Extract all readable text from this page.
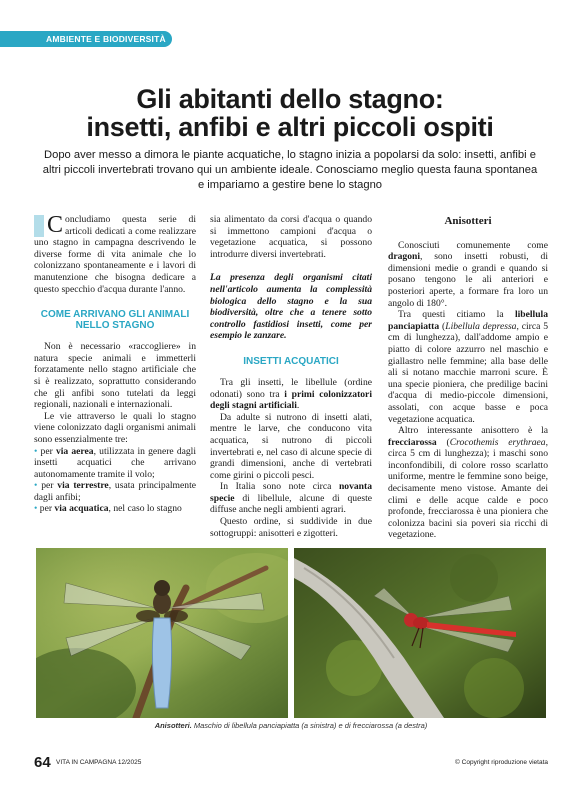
AMBIENTE E BIODIVERSITÀ
Gli abitanti dello stagno:
insetti, anfibi e altri piccoli ospiti

Dopo aver messo a dimora le piante acquatiche, lo stagno inizia a popolarsi da solo: insetti, anfibi e altri piccoli invertebrati trovano qui un ambiente ideale. Conosciamo meglio questa fauna spontanea e impariamo a gestire bene lo stagno

Concludiamo questa serie di articoli dedicati a come realizzare uno stagno in campagna descrivendo le diverse forme di vita animale che lo colonizzano spontaneamente e i lavori di manutenzione che bisogna dedicare a questo specchio d'acqua durante l'anno.

COME ARRIVANO GLI ANIMALI NELLO STAGNO

Non è necessario «raccogliere» in natura specie animali e immetterli forzatamente nello stagno artificiale che si è realizzato, soprattutto considerando che gli anfibi sono tutelati da leggi regionali, nazionali e internazionali.

Le vie attraverso le quali lo stagno viene colonizzato dagli organismi animali sono essenzialmente tre:

• per via aerea, utilizzata in genere dagli insetti acquatici che arrivano autonomamente tramite il volo;

• per via terrestre, usata principalmente dagli anfibi;

• per via acquatica, nel caso lo stagno

sia alimentato da corsi d'acqua o quando si immettono campioni d'acqua o vegetazione acquatica, si possono introdurre diversi invertebrati.

La presenza degli organismi citati nell'articolo aumenta la complessità biologica dello stagno e la sua biodiversità, oltre che a tenere sotto controllo fastidiosi insetti, come per esempio le zanzare.

INSETTI ACQUATICI

Tra gli insetti, le libellule (ordine odonati) sono tra i primi colonizzatori degli stagni artificiali.

Da adulte si nutrono di insetti alati, mentre le larve, che conducono vita acquatica, si nutrono di piccoli invertebrati e, nel caso di alcune specie di grandi dimensioni, anche di vertebrati come girini o piccoli pesci.

In Italia sono note circa novanta specie di libellule, alcune di queste diffuse anche negli ambienti agrari.

Questo ordine, si suddivide in due sottogruppi: anisotteri e zigotteri.

Anisotteri

Conosciuti comunemente come dragoni, sono insetti robusti, di dimensioni medie o grandi e quando si posano tengono le ali anteriori e posteriori aperte, a formare fra loro un angolo di 180°.

Tra questi citiamo la libellula panciapiatta (Libellula depressa, circa 5 cm di lunghezza), dall'addome ampio e piatto di colore azzurro nel maschio e giallastro nelle femmine; alla base delle ali si notano macchie marroni scure. È una specie pioniera, che predilige bacini d'acqua di medio-piccole dimensioni, assolati, con acque basse e poca vegetazione acquatica.

Altro interessante anisottero è la frecciarossa (Crocothemis erythraea, circa 5 cm di lunghezza); i maschi sono inconfondibili, di colore rosso scarlatto uniforme, mentre le femmine sono beige, decisamente meno vistose. Amante dei climi e delle acque calde e poco profonde, frecciarossa è una pioniera che colonizza bacini sia poveri sia ricchi di vegetazione.

Anisotteri. Maschio di libellula panciapiatta (a sinistra) e di frecciarossa (a destra)

64 VITA IN CAMPAGNA 12/2025	© Copyright riproduzione vietata
